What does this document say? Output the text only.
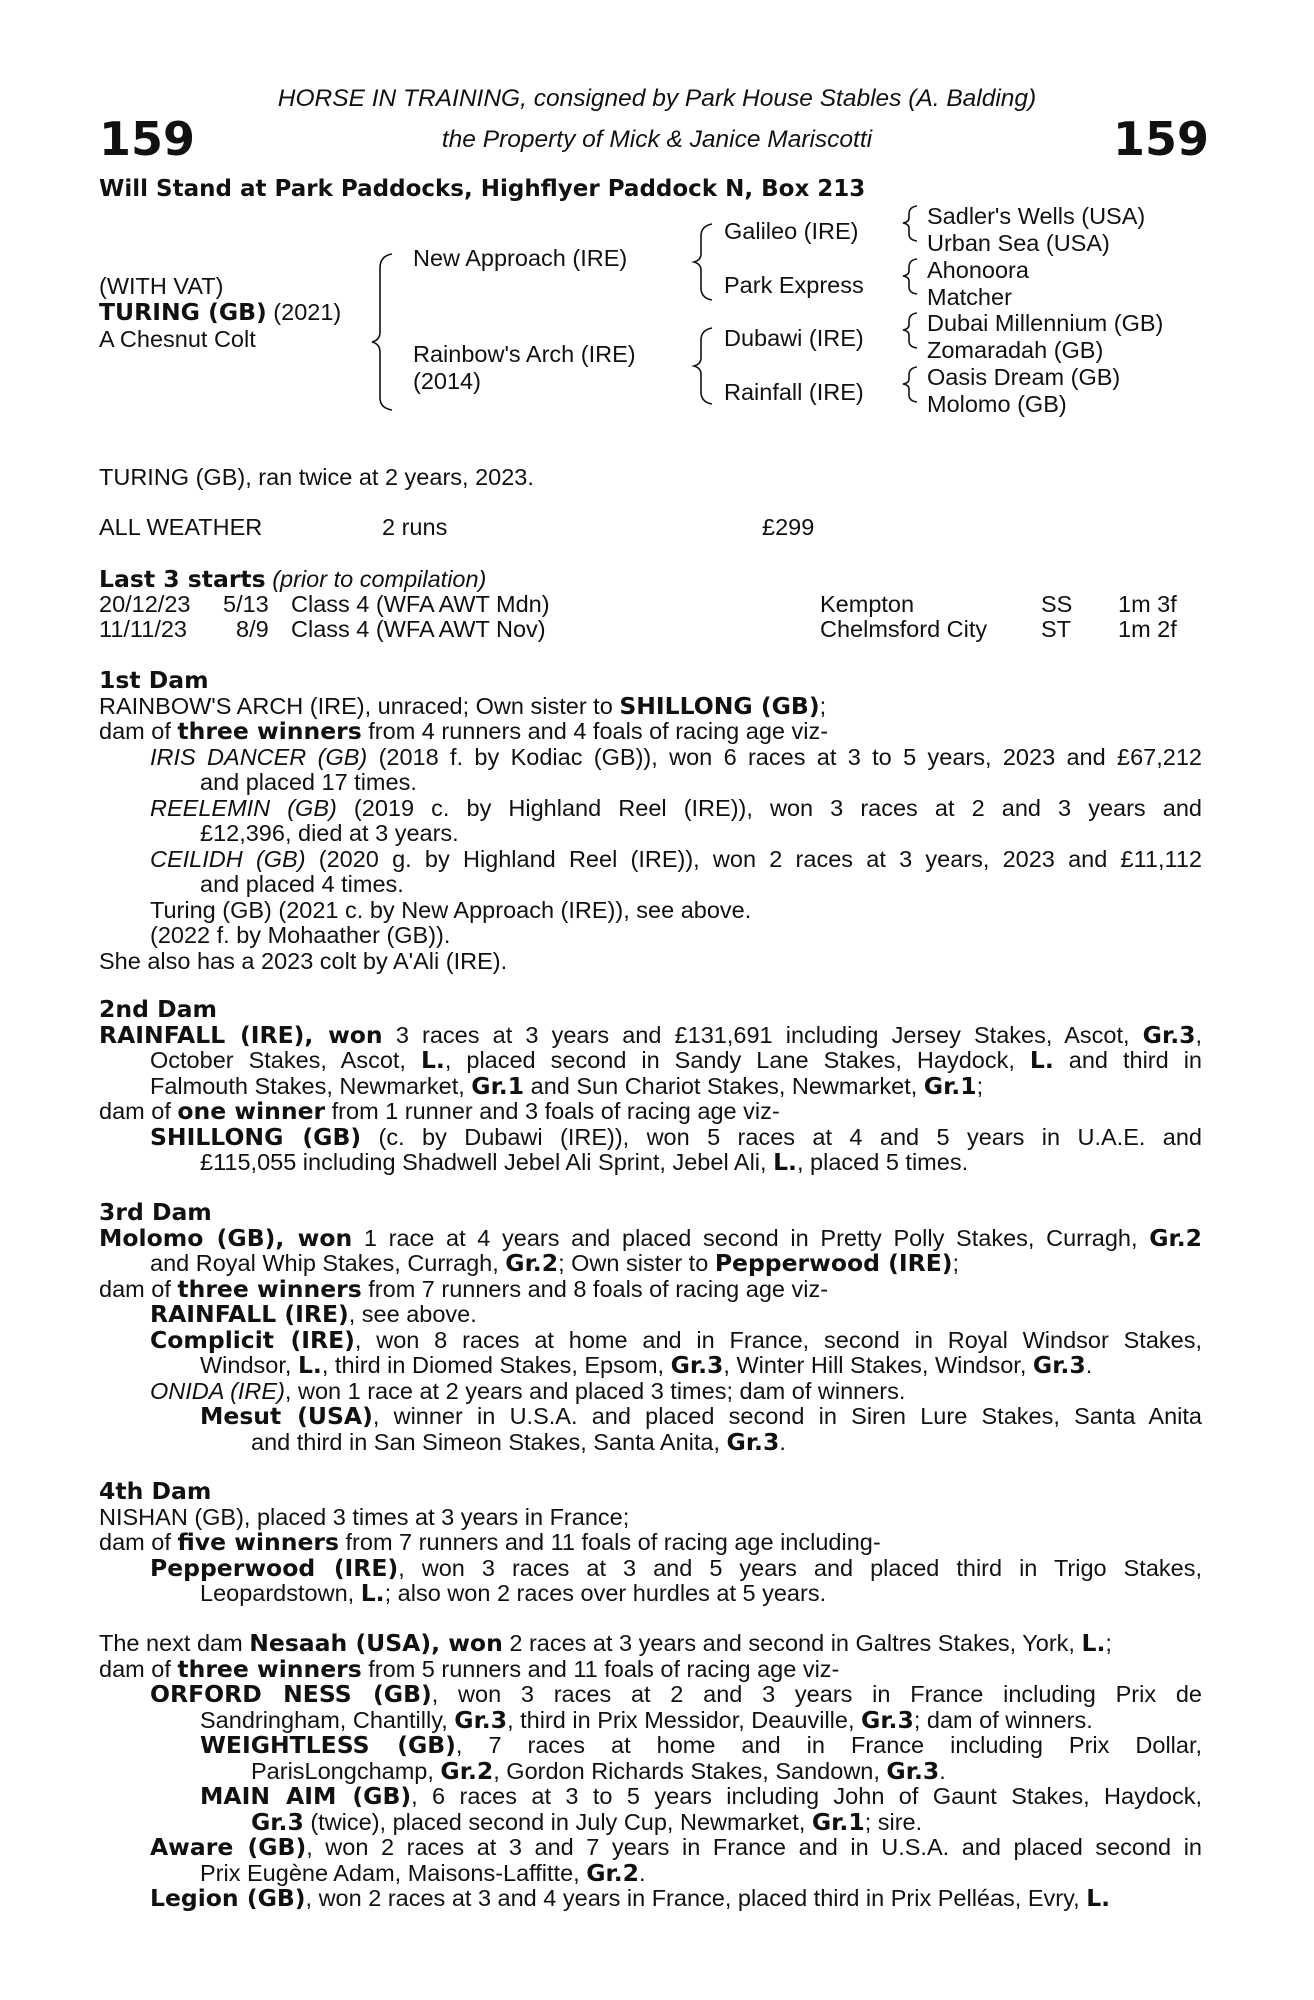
159	159
HORSE IN TRAINING, consigned by Park House Stables (A. Balding)
the Property of Mick & Janice Mariscotti
Will Stand at Park Paddocks, Highflyer Paddock N, Box 213
(WITH VAT)
TURING (GB) (2021)
A Chesnut Colt
New Approach (IRE)
Rainbow's Arch (IRE)
(2014)
Galileo (IRE)
Park Express
Dubawi (IRE)
Rainfall (IRE)
Sadler's Wells (USA)
Urban Sea (USA)
Ahonoora
Matcher
Dubai Millennium (GB)
Zomaradah (GB)
Oasis Dream (GB)
Molomo (GB)
TURING (GB), ran twice at 2 years, 2023.
ALL WEATHER	2 runs	£299
Last 3 starts (prior to compilation)
20/12/23 5/13 Class 4 (WFA AWT Mdn)	Kempton	SS 1m 3f
11/11/23 8/9 Class 4 (WFA AWT Nov)	Chelmsford City ST 1m 2f
1st Dam
RAINBOW'S ARCH (IRE), unraced; Own sister to SHILLONG (GB);
dam of three winners from 4 runners and 4 foals of racing age viz-
IRIS DANCER (GB) (2018 f. by Kodiac (GB)), won 6 races at 3 to 5 years, 2023 and £67,212
and placed 17 times.
REELEMIN (GB) (2019 c. by Highland Reel (IRE)), won 3 races at 2 and 3 years and
£12,396, died at 3 years.
CEILIDH (GB) (2020 g. by Highland Reel (IRE)), won 2 races at 3 years, 2023 and £11,112
and placed 4 times.
Turing (GB) (2021 c. by New Approach (IRE)), see above.
(2022 f. by Mohaather (GB)).
She also has a 2023 colt by A'Ali (IRE).
2nd Dam
RAINFALL (IRE), won 3 races at 3 years and £131,691 including Jersey Stakes, Ascot, Gr.3,
October Stakes, Ascot, L., placed second in Sandy Lane Stakes, Haydock, L. and third in
Falmouth Stakes, Newmarket, Gr.1 and Sun Chariot Stakes, Newmarket, Gr.1;
dam of one winner from 1 runner and 3 foals of racing age viz-
SHILLONG (GB) (c. by Dubawi (IRE)), won 5 races at 4 and 5 years in U.A.E. and
£115,055 including Shadwell Jebel Ali Sprint, Jebel Ali, L., placed 5 times.
3rd Dam
Molomo (GB), won 1 race at 4 years and placed second in Pretty Polly Stakes, Curragh, Gr.2
and Royal Whip Stakes, Curragh, Gr.2; Own sister to Pepperwood (IRE);
dam of three winners from 7 runners and 8 foals of racing age viz-
RAINFALL (IRE), see above.
Complicit (IRE), won 8 races at home and in France, second in Royal Windsor Stakes,
Windsor, L., third in Diomed Stakes, Epsom, Gr.3, Winter Hill Stakes, Windsor, Gr.3.
ONIDA (IRE), won 1 race at 2 years and placed 3 times; dam of winners.
Mesut (USA), winner in U.S.A. and placed second in Siren Lure Stakes, Santa Anita
and third in San Simeon Stakes, Santa Anita, Gr.3.
4th Dam
NISHAN (GB), placed 3 times at 3 years in France;
dam of five winners from 7 runners and 11 foals of racing age including-
Pepperwood (IRE), won 3 races at 3 and 5 years and placed third in Trigo Stakes,
Leopardstown, L.; also won 2 races over hurdles at 5 years.
The next dam Nesaah (USA), won 2 races at 3 years and second in Galtres Stakes, York, L.;
dam of three winners from 5 runners and 11 foals of racing age viz-
ORFORD NESS (GB), won 3 races at 2 and 3 years in France including Prix de
Sandringham, Chantilly, Gr.3, third in Prix Messidor, Deauville, Gr.3; dam of winners.
WEIGHTLESS (GB), 7 races at home and in France including Prix Dollar,
ParisLongchamp, Gr.2, Gordon Richards Stakes, Sandown, Gr.3.
MAIN AIM (GB), 6 races at 3 to 5 years including John of Gaunt Stakes, Haydock,
Gr.3 (twice), placed second in July Cup, Newmarket, Gr.1; sire.
Aware (GB), won 2 races at 3 and 7 years in France and in U.S.A. and placed second in
Prix Eugène Adam, Maisons-Laffitte, Gr.2.
Legion (GB), won 2 races at 3 and 4 years in France, placed third in Prix Pelléas, Evry, L.
